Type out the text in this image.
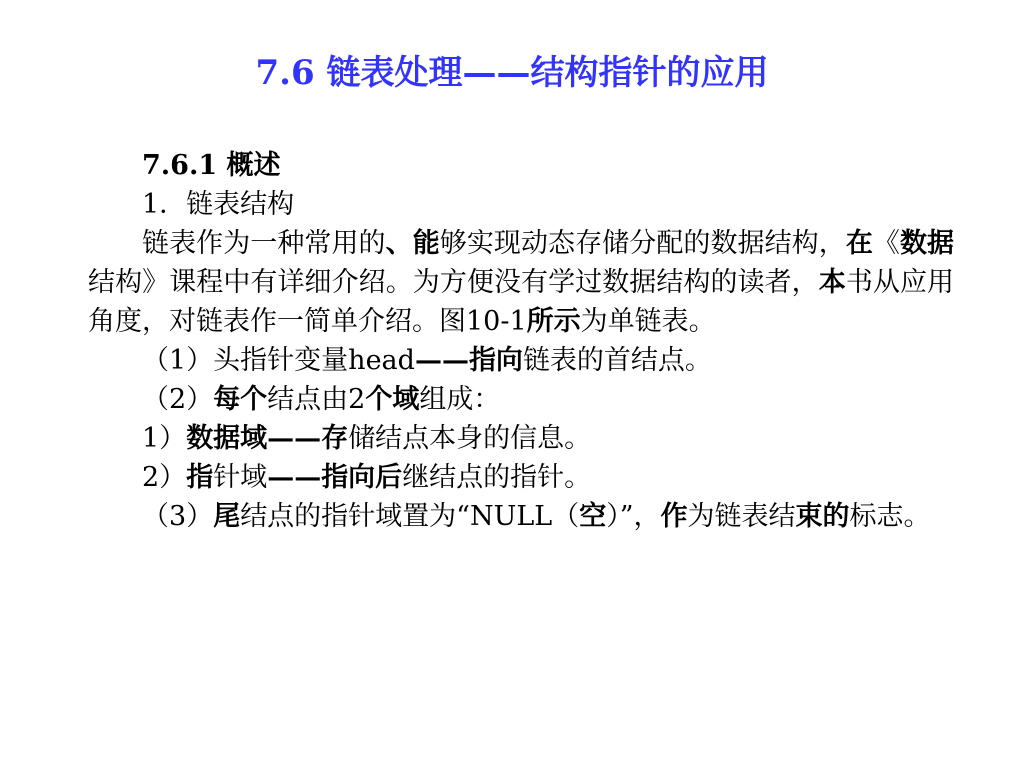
7.6 链表处理——结构指针的应用
7.6.1 概述
1．链表结构
链表作为一种常用的、能够实现动态存储分配的数据结构，在《数据结构》课程中有详细介绍。为方便没有学过数据结构的读者，本书从应用角度，对链表作一简单介绍。图10-1所示为单链表。
（1）头指针变量head——指向链表的首结点。
（2）每个结点由2个域组成：
1）数据域——存储结点本身的信息。
2）指针域——指向后继结点的指针。
（3）尾结点的指针域置为“NULL（空）”，作为链表结束的标志。
